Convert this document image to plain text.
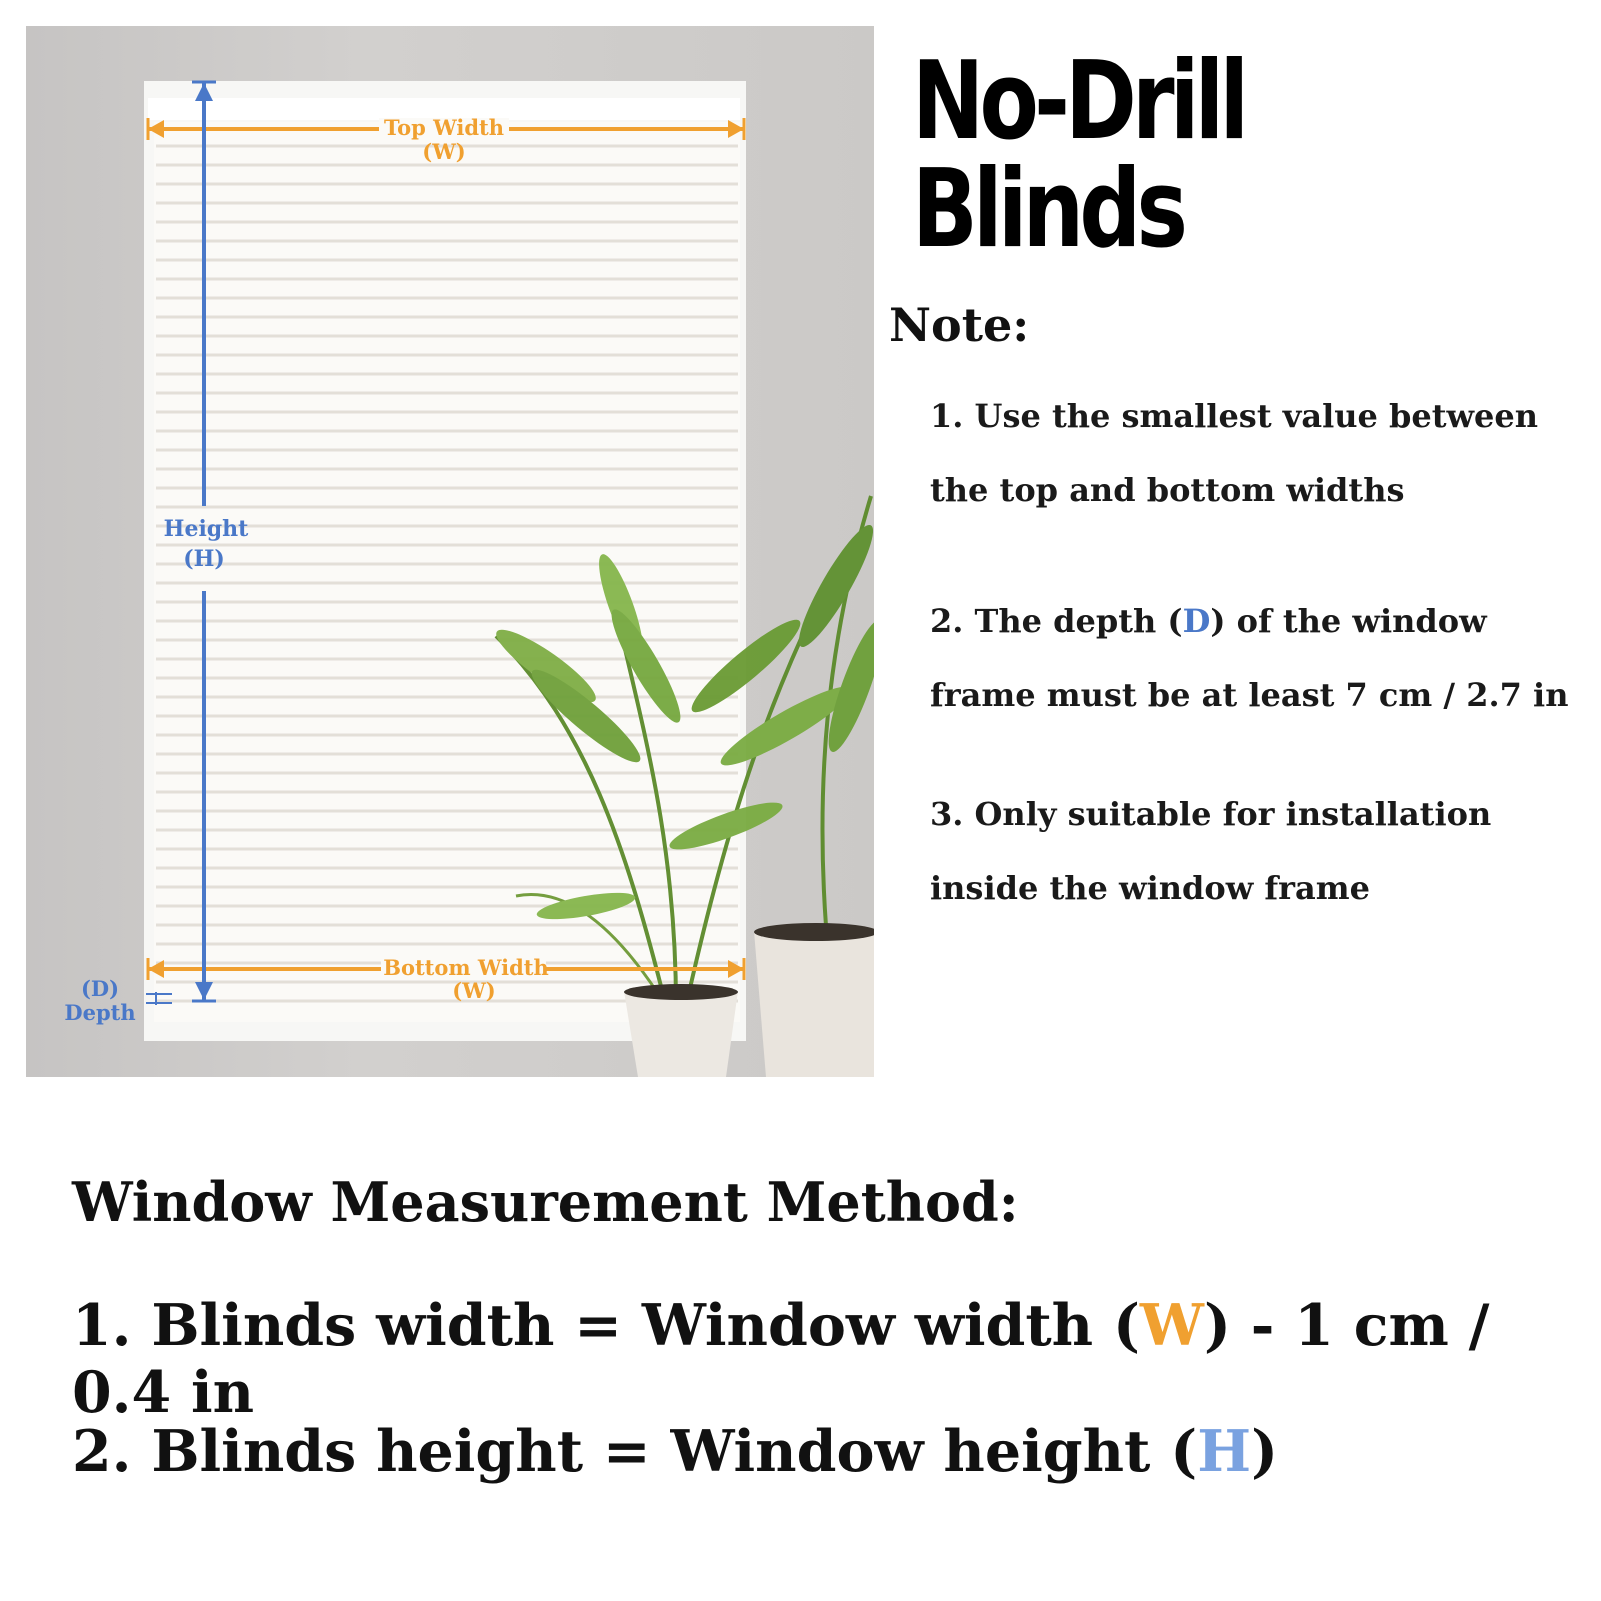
Top Width
(W)
Bottom Width
(W)
Height
(H)
(D)
Depth
No-Drill Blinds
Note:
1. Use the smallest value between the top and bottom widths
2. The depth (D) of the window frame must be at least 7 cm / 2.7 in
3. Only suitable for installation inside the window frame
Window Measurement Method:
1. Blinds width = Window width (W) - 1 cm / 0.4 in
2. Blinds height = Window height (H)
